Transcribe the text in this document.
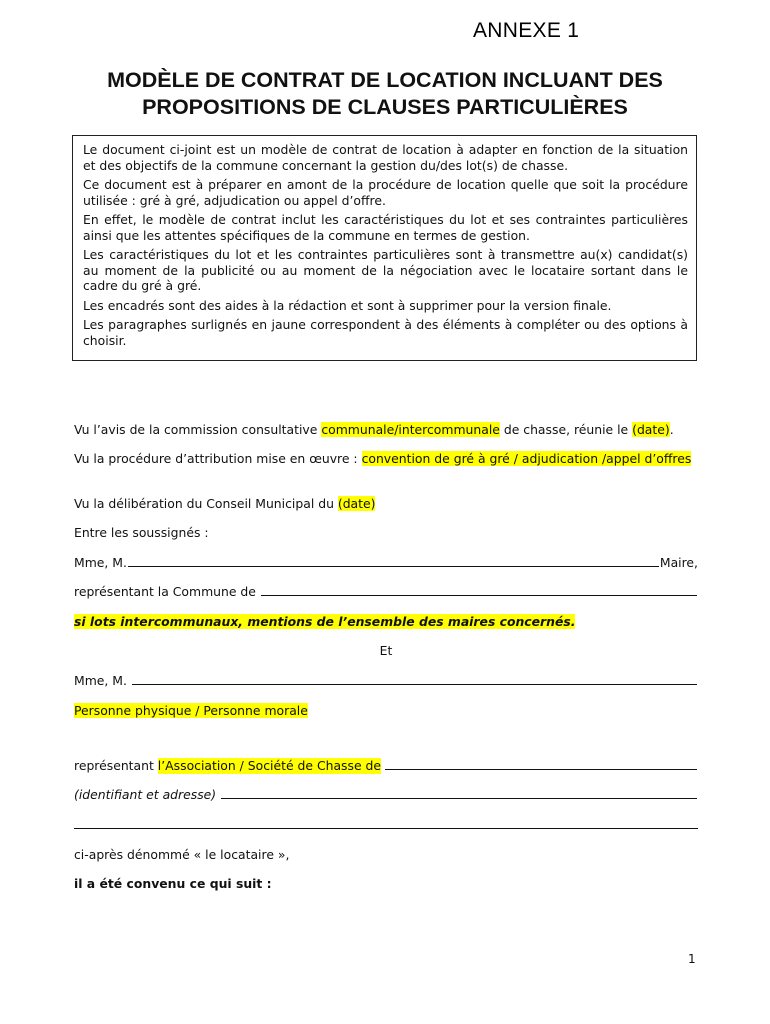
ANNEXE 1
MODÈLE DE CONTRAT DE LOCATION INCLUANT DES
PROPOSITIONS DE CLAUSES PARTICULIÈRES

Le document ci-joint est un modèle de contrat de location à adapter en fonction de la situation et des objectifs de la commune concernant la gestion du/des lot(s) de chasse.

Ce document est à préparer en amont de la procédure de location quelle que soit la procédure utilisée : gré à gré, adjudication ou appel d’offre.

En effet, le modèle de contrat inclut les caractéristiques du lot et ses contraintes particulières ainsi que les attentes spécifiques de la commune en termes de gestion.

Les caractéristiques du lot et les contraintes particulières sont à transmettre au(x) candidat(s) au moment de la publicité ou au moment de la négociation avec le locataire sortant dans le cadre du gré à gré.

Les encadrés sont des aides à la rédaction et sont à supprimer pour la version finale.

Les paragraphes surlignés en jaune correspondent à des éléments à compléter ou des options à choisir.

Vu l’avis de la commission consultative communale/intercommunale de chasse, réunie le (date).
Vu la procédure d’attribution mise en œuvre : convention de gré à gré / adjudication /appel d’offres
Vu la délibération du Conseil Municipal du (date)
Entre les soussignés :
Mme, M.	Maire,
représentant la Commune de
si lots intercommunaux, mentions de l’ensemble des maires concernés.
Et
Mme, M.
Personne physique / Personne morale
représentant l’Association / Société de Chasse de
(identifiant et adresse)
ci-après dénommé « le locataire »,
il a été convenu ce qui suit :
1
